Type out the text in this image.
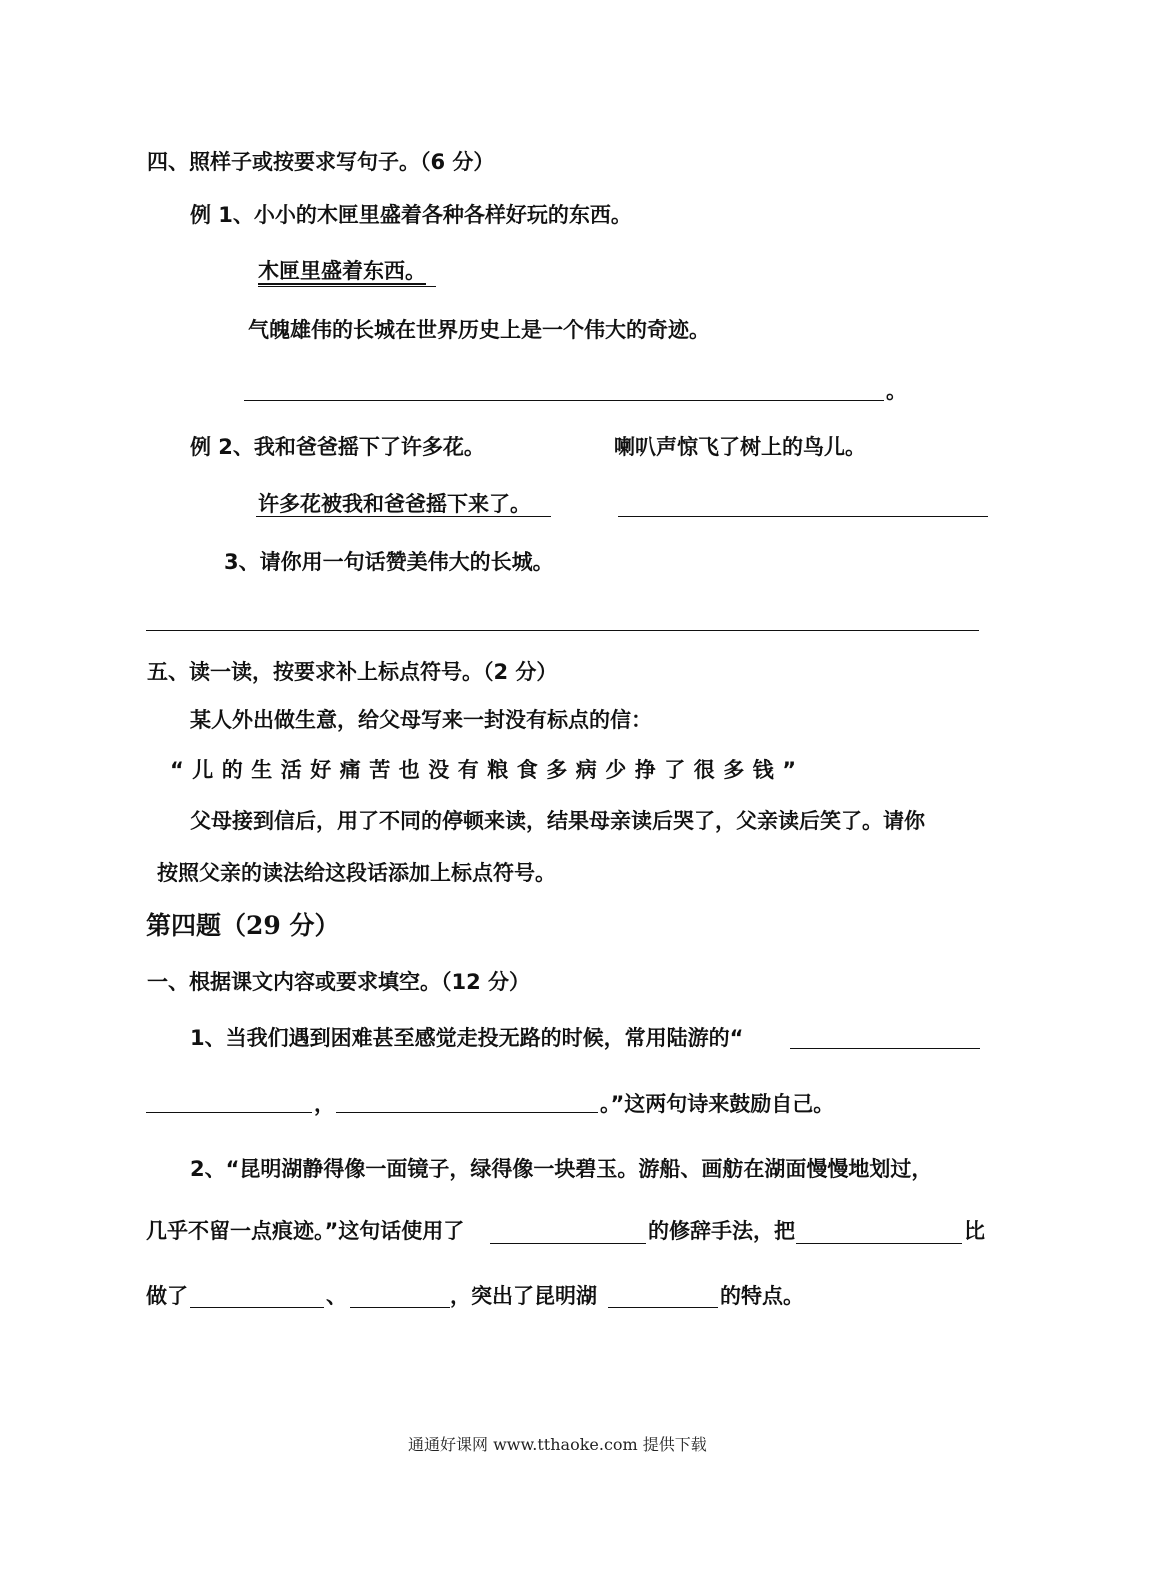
四、照样子或按要求写句子。（6 分）
例 1、小小的木匣里盛着各种各样好玩的东西。
木匣里盛着东西。
气魄雄伟的长城在世界历史上是一个伟大的奇迹。
。
例 2、我和爸爸摇下了许多花。	喇叭声惊飞了树上的鸟儿。
许多花被我和爸爸摇下来了。
3、请你用一句话赞美伟大的长城。
五、读一读，按要求补上标点符号。（2 分）
某人外出做生意，给父母写来一封没有标点的信：
“儿的生活好痛苦也没有粮食多病少挣了很多钱”
父母接到信后，用了不同的停顿来读，结果母亲读后哭了，父亲读后笑了。请你
按照父亲的读法给这段话添加上标点符号。
第四题（29 分）
一、根据课文内容或要求填空。（12 分）
1、当我们遇到困难甚至感觉走投无路的时候，常用陆游的“
，	。”这两句诗来鼓励自己。
2、“昆明湖静得像一面镜子，绿得像一块碧玉。游船、画舫在湖面慢慢地划过，
几乎不留一点痕迹。”这句话使用了	的修辞手法，把	比
做了	、	，突出了昆明湖	的特点。
通通好课网 www.tthaoke.com 提供下载
